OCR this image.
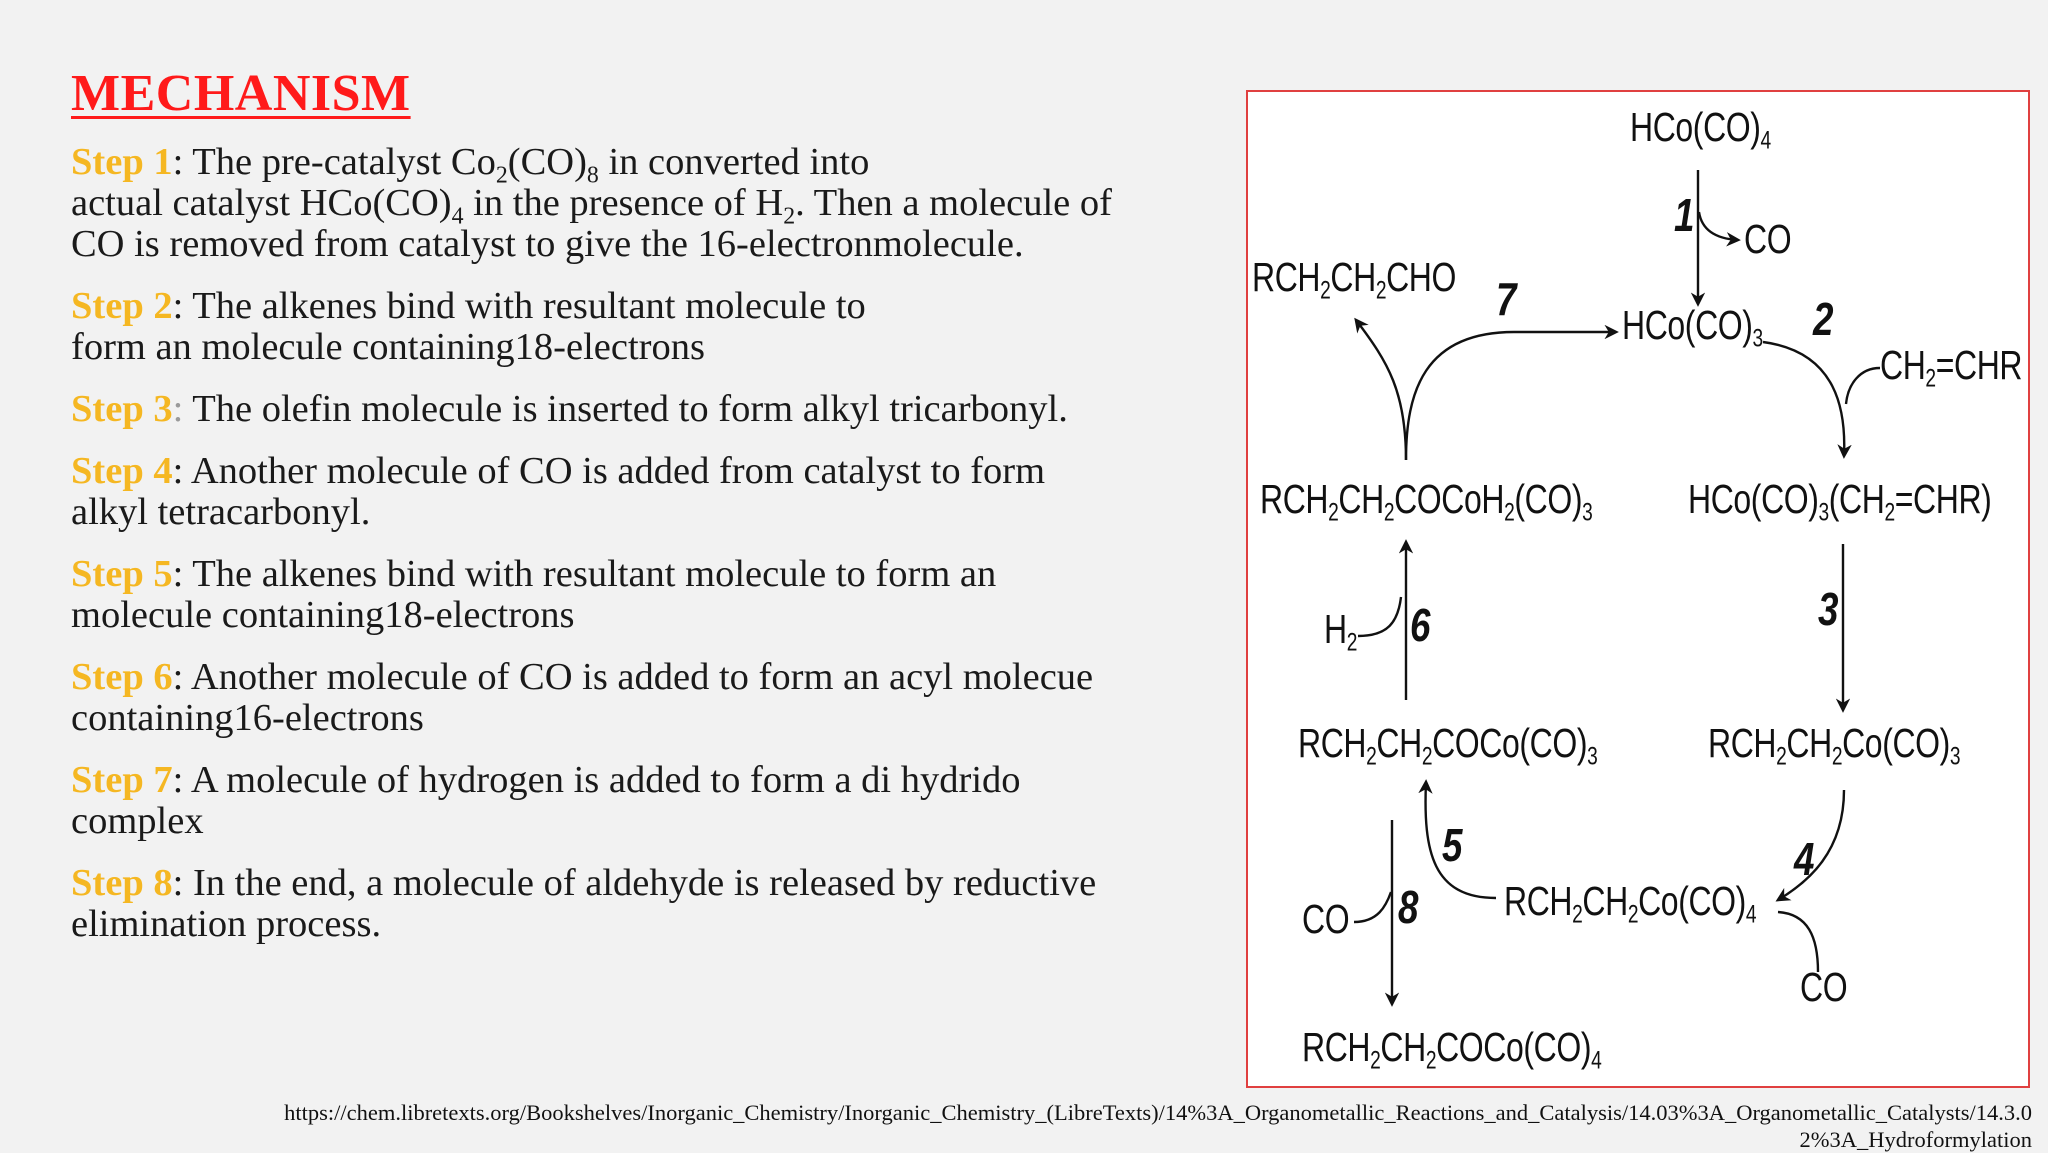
MECHANISM
Step 1: The pre-catalyst $Co_2(CO)_8$ in converted into
actual catalyst $HCo(CO)_4$ in the presence of $H_2$. Then a molecule of
CO is removed from catalyst to give the 16-electronmolecule.
Step 2: The alkenes bind with resultant molecule to
form an molecule containing18-electrons
Step 3: The olefin molecule is inserted to form alkyl tricarbonyl.
Step 4: Another molecule of CO is added from catalyst to form
alkyl tetracarbonyl.
Step 5: The alkenes bind with resultant molecule to form an
molecule containing18-electrons
Step 6: Another molecule of CO is added to form an acyl molecue
containing16-electrons
Step 7: A molecule of hydrogen is added to form a di hydrido
complex
Step 8: In the end, a molecule of aldehyde is released by reductive
elimination process.
$HCo(CO)_4$
CO
$RCH_2CH_2CHO$
$HCo(CO)_3$
$CH_2=CHR$
$RCH_2CH_2COCoH_2(CO)_3$ $HCo(CO)_3(CH_2=CHR)$
$H_2$
$RCH_2CH_2COCo(CO)_3$	$RCH_2CH_2Co(CO)_3$
CO	$RCH_2CH_2Co(CO)_4$
CO
$RCH_2CH_2COCo(CO)_4$
1
2
3
4
5
6
7
8
https://chem.libretexts.org/Bookshelves/Inorganic_Chemistry/Inorganic_Chemistry_(LibreTexts)/14%3A_Organometallic_Reactions_and_Catalysis/14.03%3A_Organometallic_Catalysts/14.3.02%3A_Hydroformylation
